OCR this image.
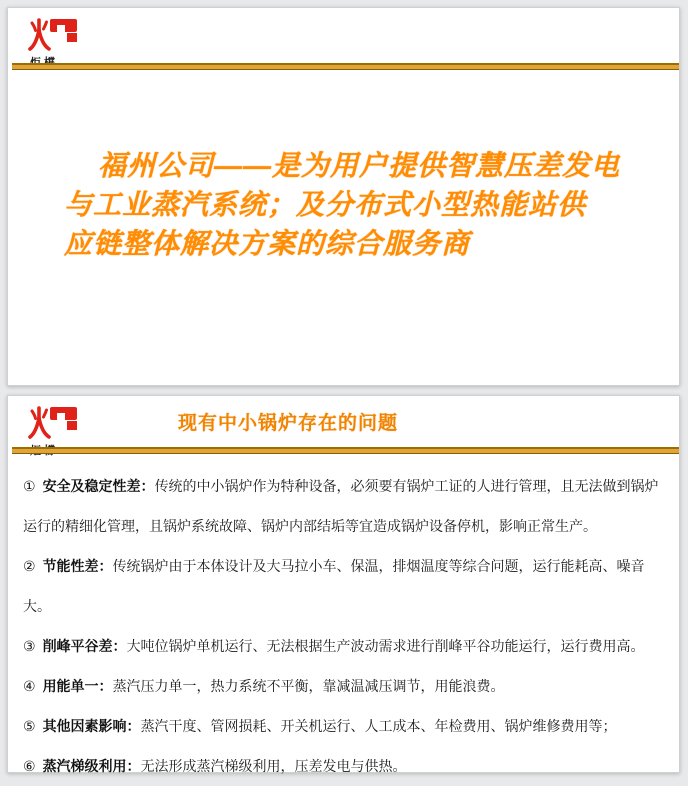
福州公司——是为用户提供智慧压差发电
与工业蒸汽系统；及分布式小型热能站供
应链整体解决方案的综合服务商
现有中小锅炉存在的问题

① 安全及稳定性差：传统的中小锅炉作为特种设备，必须要有锅炉工证的人进行管理，且无法做到锅炉运行的精细化管理，且锅炉系统故障、锅炉内部结垢等宜造成锅炉设备停机，影响正常生产。

② 节能性差：传统锅炉由于本体设计及大马拉小车、保温，排烟温度等综合问题，运行能耗高、噪音大。

③ 削峰平谷差：大吨位锅炉单机运行、无法根据生产波动需求进行削峰平谷功能运行，运行费用高。

④ 用能单一：蒸汽压力单一，热力系统不平衡，靠减温减压调节，用能浪费。

⑤ 其他因素影响：蒸汽干度、管网损耗、开关机运行、人工成本、年检费用、锅炉维修费用等；

⑥ 蒸汽梯级利用：无法形成蒸汽梯级利用，压差发电与供热。
